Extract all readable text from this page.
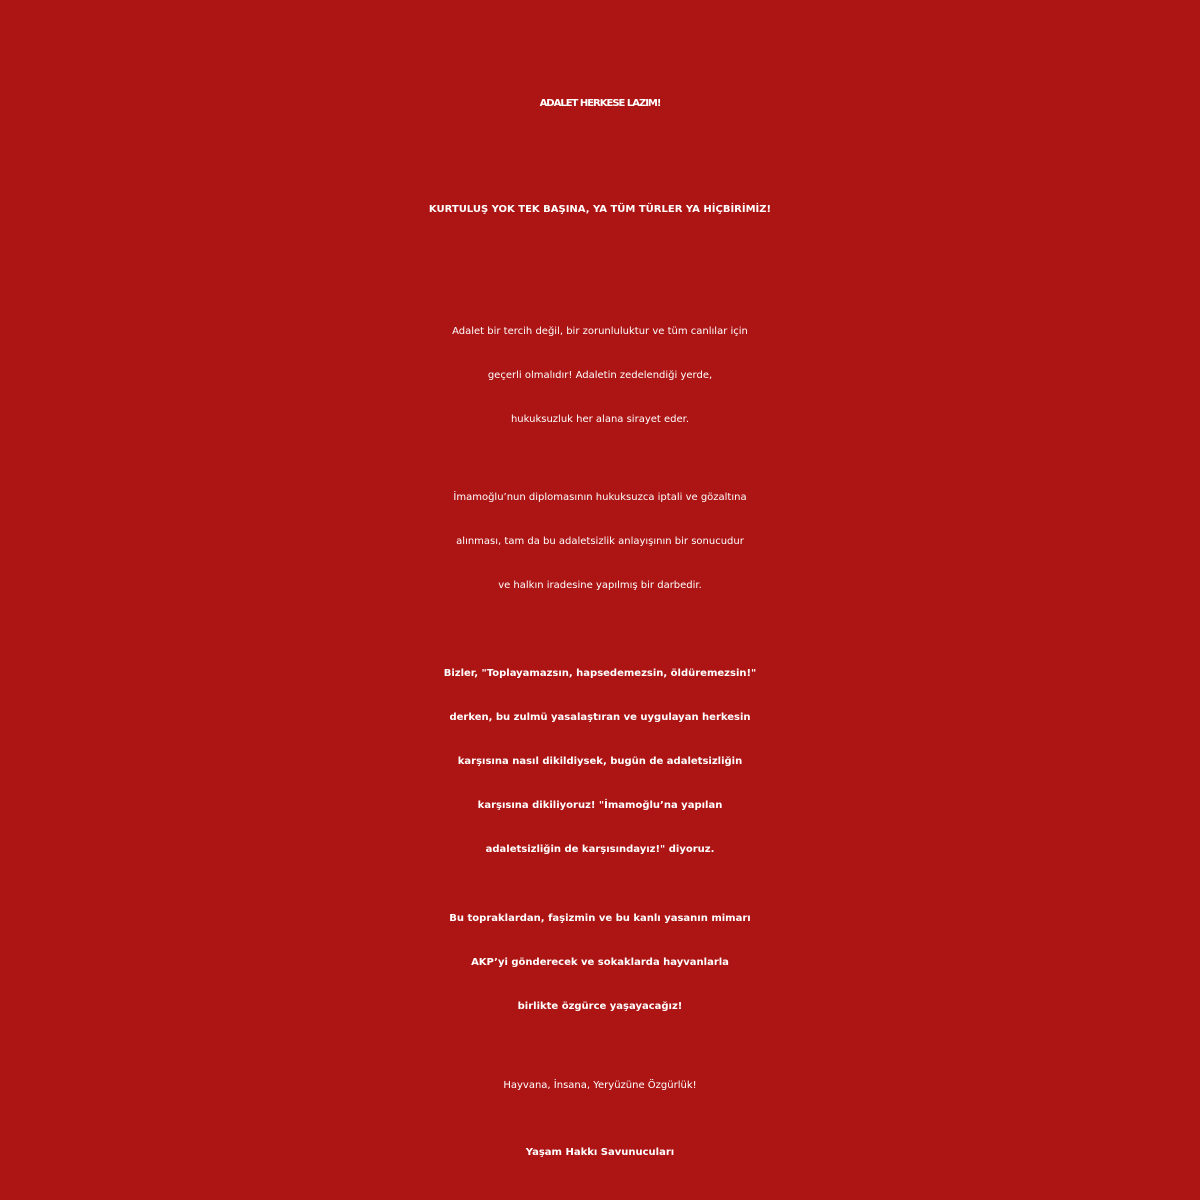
ADALET HERKESE LAZIM!
KURTULUŞ YOK TEK BAŞINA, YA TÜM TÜRLER YA HİÇBİRİMİZ!
Adalet bir tercih değil, bir zorunluluktur ve tüm canlılar için
geçerli olmalıdır! Adaletin zedelendiği yerde,
hukuksuzluk her alana sirayet eder.
İmamoğlu’nun diplomasının hukuksuzca iptali ve gözaltına
alınması, tam da bu adaletsizlik anlayışının bir sonucudur
ve halkın iradesine yapılmış bir darbedir.
Bizler, "Toplayamazsın, hapsedemezsin, öldüremezsin!"
derken, bu zulmü yasalaştıran ve uygulayan herkesin
karşısına nasıl dikildiysek, bugün de adaletsizliğin
karşısına dikiliyoruz! "İmamoğlu’na yapılan
adaletsizliğin de karşısındayız!" diyoruz.
Bu topraklardan, faşizmin ve bu kanlı yasanın mimarı
AKP’yi gönderecek ve sokaklarda hayvanlarla
birlikte özgürce yaşayacağız!

Hayvana, İnsana, Yeryüzüne Özgürlük!

Yaşam Hakkı Savunucuları
